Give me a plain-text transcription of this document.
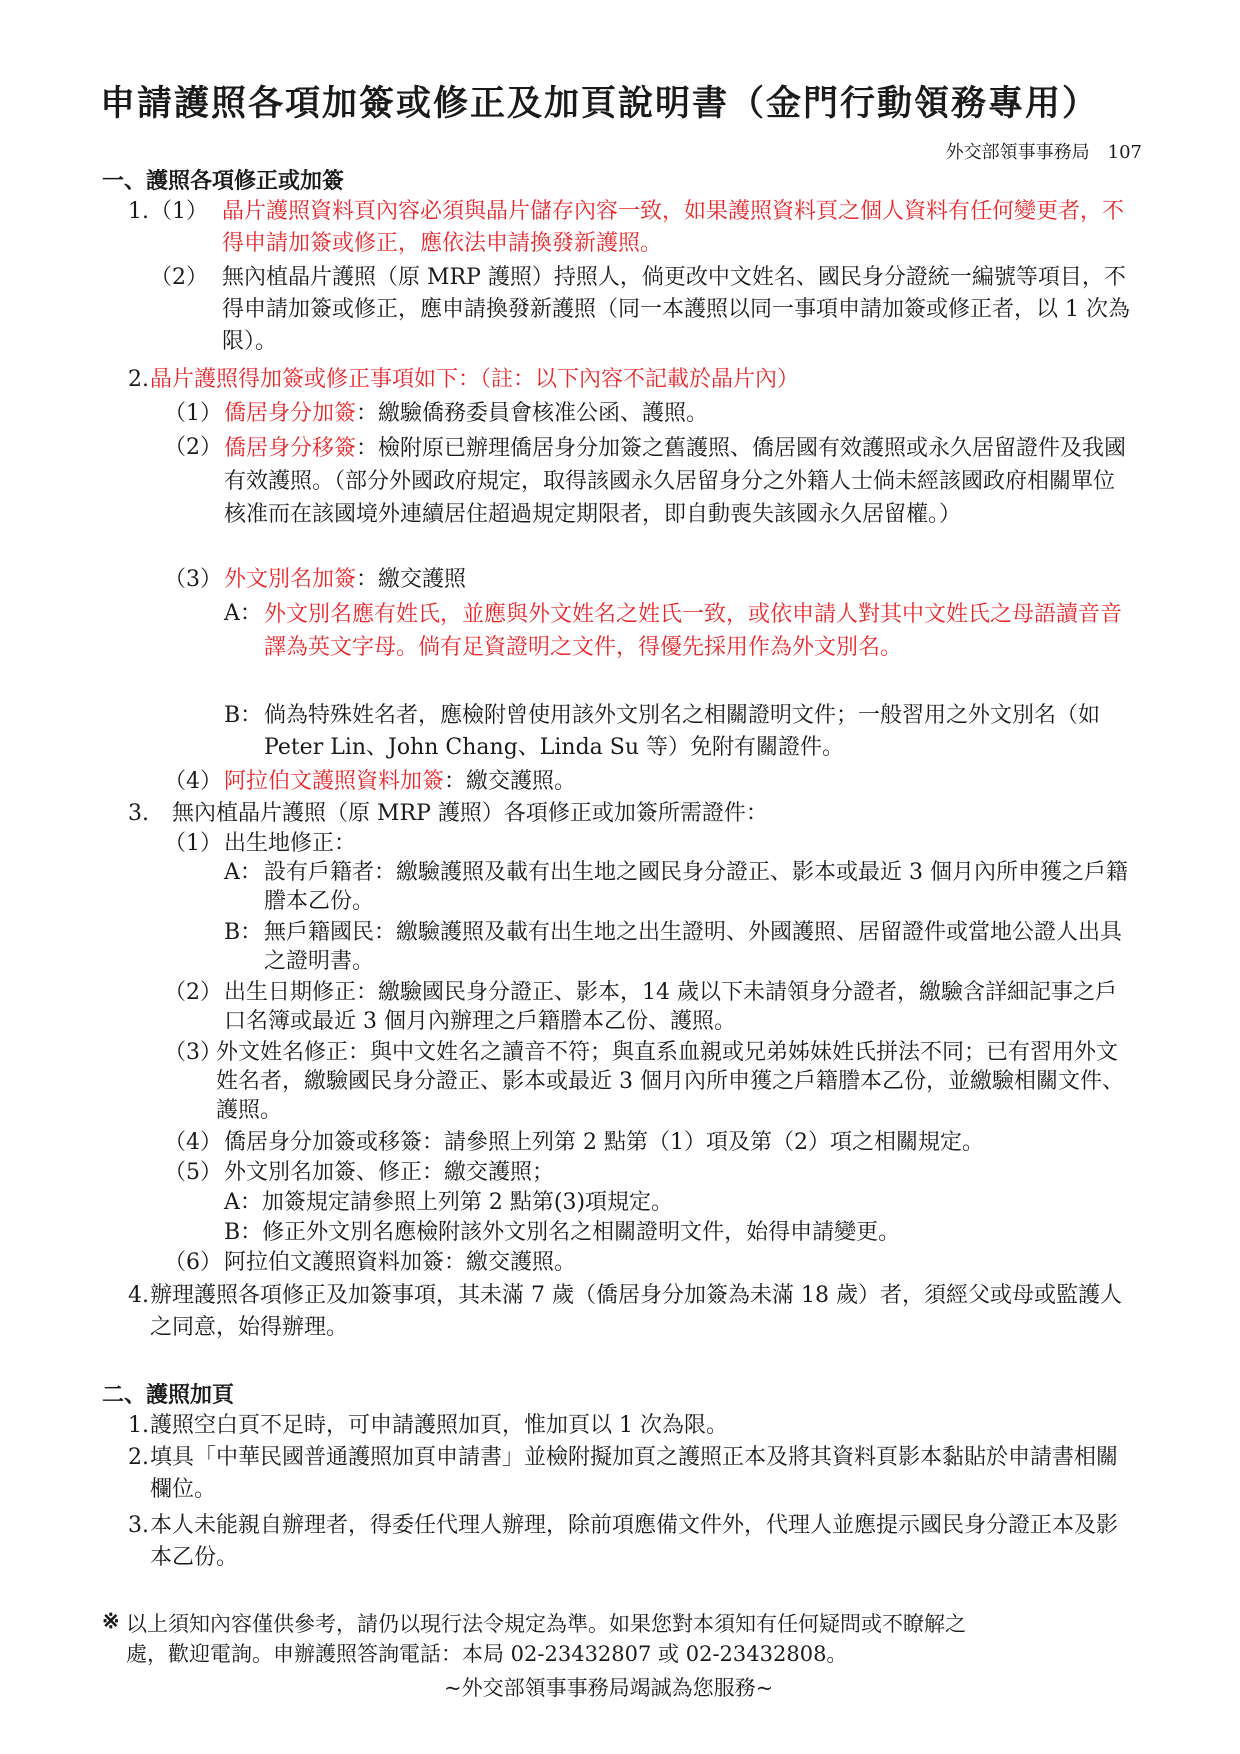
申請護照各項加簽或修正及加頁說明書（金門行動領務專用）
外交部領事事務局　107
一、護照各項修正或加簽
1. （1） 晶片護照資料頁內容必須與晶片儲存內容一致，如果護照資料頁之個人資料有任何變更者，不得申請加簽或修正，應依法申請換發新護照。
（2） 無內植晶片護照（原 MRP 護照）持照人，倘更改中文姓名、國民身分證統一編號等項目，不得申請加簽或修正，應申請換發新護照（同一本護照以同一事項申請加簽或修正者，以 1 次為限）。
2. 晶片護照得加簽或修正事項如下：（註：以下內容不記載於晶片內）
（1） 僑居身分加簽：繳驗僑務委員會核准公函、護照。
（2） 僑居身分移簽：檢附原已辦理僑居身分加簽之舊護照、僑居國有效護照或永久居留證件及我國有效護照。（部分外國政府規定，取得該國永久居留身分之外籍人士倘未經該國政府相關單位核准而在該國境外連續居住超過規定期限者，即自動喪失該國永久居留權。）
（3） 外文別名加簽：繳交護照
A： 外文別名應有姓氏，並應與外文姓名之姓氏一致，或依申請人對其中文姓氏之母語讀音音譯為英文字母。倘有足資證明之文件，得優先採用作為外文別名。
B： 倘為特殊姓名者，應檢附曾使用該外文別名之相關證明文件；一般習用之外文別名（如 Peter Lin、John Chang、Linda Su 等）免附有關證件。
（4） 阿拉伯文護照資料加簽：繳交護照。
3. 無內植晶片護照（原 MRP 護照）各項修正或加簽所需證件：
（1） 出生地修正：
A： 設有戶籍者：繳驗護照及載有出生地之國民身分證正、影本或最近 3 個月內所申獲之戶籍謄本乙份。
B： 無戶籍國民：繳驗護照及載有出生地之出生證明、外國護照、居留證件或當地公證人出具之證明書。
（2） 出生日期修正：繳驗國民身分證正、影本，14 歲以下未請領身分證者，繳驗含詳細記事之戶口名簿或最近 3 個月內辦理之戶籍謄本乙份、護照。
（3）
外文姓名修正：與中文姓名之讀音不符；與直系血親或兄弟姊妹姓氏拼法不同；已有習用外文姓名者，繳驗國民身分證正、影本或最近 3 個月內所申獲之戶籍謄本乙份，並繳驗相關文件、護照。
（4） 僑居身分加簽或移簽：請參照上列第 2 點第（1）項及第（2）項之相關規定。
（5） 外文別名加簽、修正：繳交護照；
A：加簽規定請參照上列第 2 點第(3)項規定。
B：修正外文別名應檢附該外文別名之相關證明文件，始得申請變更。
（6） 阿拉伯文護照資料加簽：繳交護照。
4. 辦理護照各項修正及加簽事項，其未滿 7 歲（僑居身分加簽為未滿 18 歲）者，須經父或母或監護人之同意，始得辦理。
二、護照加頁
1. 護照空白頁不足時，可申請護照加頁，惟加頁以 1 次為限。
2. 填具「中華民國普通護照加頁申請書」並檢附擬加頁之護照正本及將其資料頁影本黏貼於申請書相關欄位。
3. 本人未能親自辦理者，得委任代理人辦理，除前項應備文件外，代理人並應提示國民身分證正本及影本乙份。
※ 以上須知內容僅供參考，請仍以現行法令規定為準。如果您對本須知有任何疑問或不瞭解之
處，歡迎電詢。申辦護照答詢電話：本局 02-23432807 或 02-23432808。
~外交部領事事務局竭誠為您服務~
